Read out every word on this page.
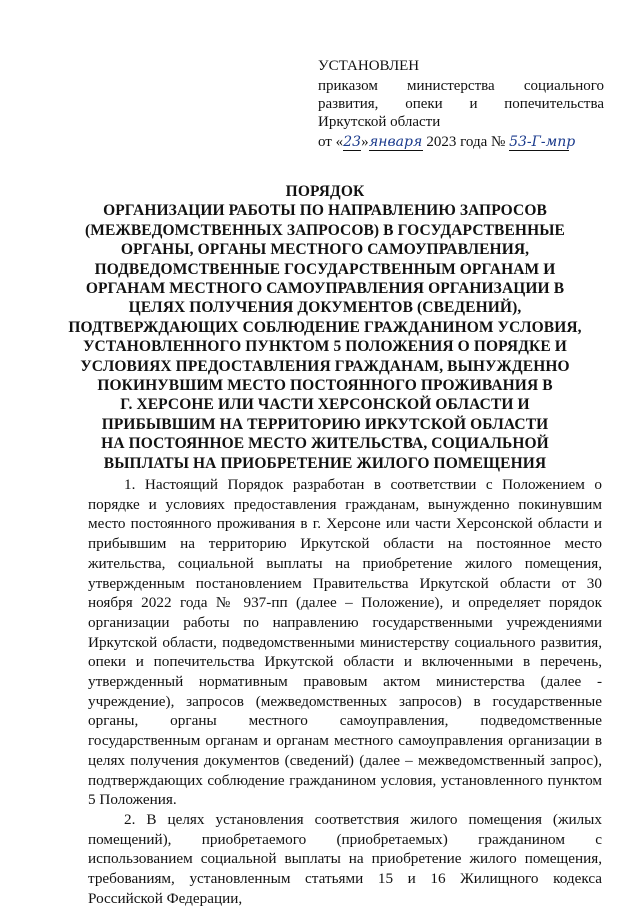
УСТАНОВЛЕН
приказом министерства социального
развития, опеки и попечительства
Иркутской области
от «23»января 2023 года № 53-Г-мпр
ПОРЯДОК
ОРГАНИЗАЦИИ РАБОТЫ ПО НАПРАВЛЕНИЮ ЗАПРОСОВ
(МЕЖВЕДОМСТВЕННЫХ ЗАПРОСОВ) В ГОСУДАРСТВЕННЫЕ
ОРГАНЫ, ОРГАНЫ МЕСТНОГО САМОУПРАВЛЕНИЯ,
ПОДВЕДОМСТВЕННЫЕ ГОСУДАРСТВЕННЫМ ОРГАНАМ И
ОРГАНАМ МЕСТНОГО САМОУПРАВЛЕНИЯ ОРГАНИЗАЦИИ В
ЦЕЛЯХ ПОЛУЧЕНИЯ ДОКУМЕНТОВ (СВЕДЕНИЙ),
ПОДТВЕРЖДАЮЩИХ СОБЛЮДЕНИЕ ГРАЖДАНИНОМ УСЛОВИЯ,
УСТАНОВЛЕННОГО ПУНКТОМ 5 ПОЛОЖЕНИЯ О ПОРЯДКЕ И
УСЛОВИЯХ ПРЕДОСТАВЛЕНИЯ ГРАЖДАНАМ, ВЫНУЖДЕННО
ПОКИНУВШИМ МЕСТО ПОСТОЯННОГО ПРОЖИВАНИЯ В
Г. ХЕРСОНЕ ИЛИ ЧАСТИ ХЕРСОНСКОЙ ОБЛАСТИ И
ПРИБЫВШИМ НА ТЕРРИТОРИЮ ИРКУТСКОЙ ОБЛАСТИ
НА ПОСТОЯННОЕ МЕСТО ЖИТЕЛЬСТВА, СОЦИАЛЬНОЙ
ВЫПЛАТЫ НА ПРИОБРЕТЕНИЕ ЖИЛОГО ПОМЕЩЕНИЯ

1. Настоящий Порядок разработан в соответствии с Положением о порядке и условиях предоставления гражданам, вынужденно покинувшим место постоянного проживания в г. Херсоне или части Херсонской области и прибывшим на территорию Иркутской области на постоянное место жительства, социальной выплаты на приобретение жилого помещения, утвержденным постановлением Правительства Иркутской области от 30 ноября 2022 года № 937-пп (далее – Положение), и определяет порядок организации работы по направлению государственными учреждениями Иркутской области, подведомственными министерству социального развития, опеки и попечительства Иркутской области и включенными в перечень, утвержденный нормативным правовым актом министерства (далее - учреждение), запросов (межведомственных запросов) в государственные органы, органы местного самоуправления, подведомственные государственным органам и органам местного самоуправления организации в целях получения документов (сведений) (далее – межведомственный запрос), подтверждающих соблюдение гражданином условия, установленного пунктом 5 Положения.

2. В целях установления соответствия жилого помещения (жилых помещений), приобретаемого (приобретаемых) гражданином с использованием социальной выплаты на приобретение жилого помещения, требованиям, установленным статьями 15 и 16 Жилищного кодекса Российской Федерации,
